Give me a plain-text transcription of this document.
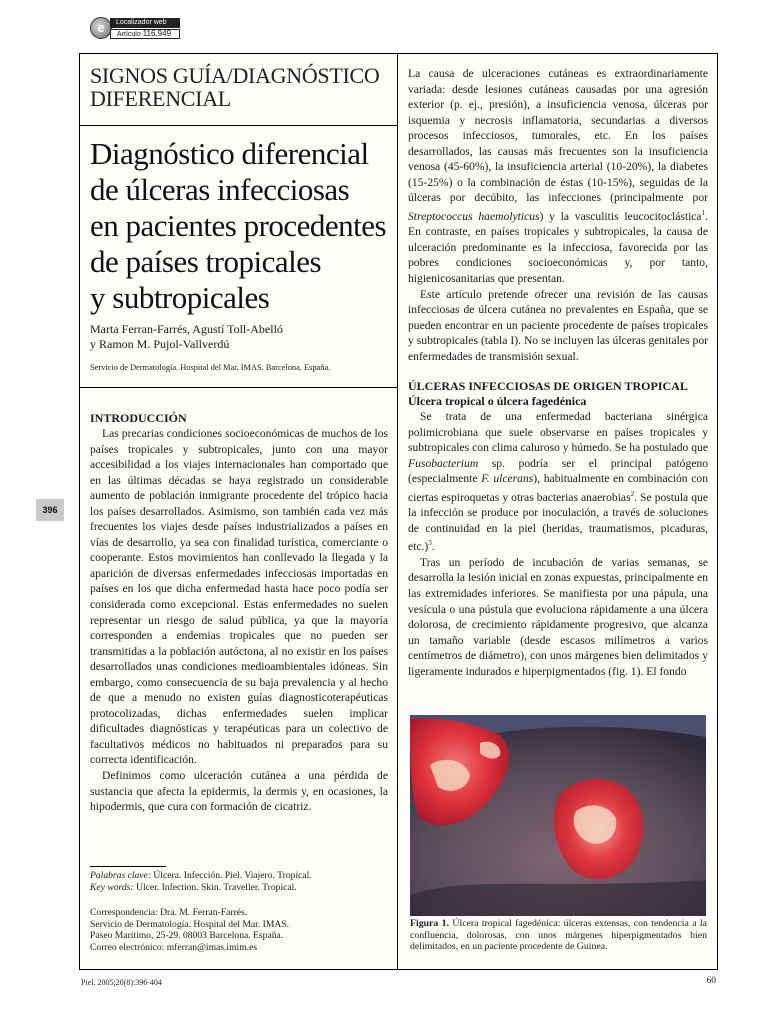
e	Localizador web
Artículo 116.949
396
SIGNOS GUÍA/DIAGNÓSTICO DIFERENCIAL
Diagnóstico diferencial
de úlceras infecciosas
en pacientes procedentes
de países tropicales
y subtropicales
Marta Ferran-Farrés, Agustí Toll-Abelló
y Ramon M. Pujol-Vallverdú
Servicio de Dermatología. Hospital del Mar. IMAS. Barcelona. España.
INTRODUCCIÓN

Las precarias condiciones socioeconómicas de muchos de los países tropicales y subtropicales, junto con una mayor accesibilidad a los viajes internacionales han comportado que en las últimas décadas se haya registrado un considerable aumento de población inmigrante procedente del trópico hacia los países desarrollados. Asimismo, son también cada vez más frecuentes los viajes desde países industrializados a países en vías de desarrollo, ya sea con finalidad turística, comerciante o cooperante. Estos movimientos han conllevado la llegada y la aparición de diversas enfermedades infecciosas importadas en países en los que dicha enfermedad hasta hace poco podía ser considerada como excepcional. Estas enfermedades no suelen representar un riesgo de salud pública, ya que la mayoría corresponden a endemias tropicales que no pueden ser transmitidas a la población autóctona, al no existir en los países desarrollados unas condiciones medioambientales idóneas. Sin embargo, como consecuencia de su baja prevalencia y al hecho de que a menudo no existen guías diagnosticoterapéuticas protocolizadas, dichas enfermedades suelen implicar dificultades diagnósticas y terapéuticas para un colectivo de facultativos médicos no habituados ni preparados para su correcta identificación.

Definimos como ulceración cutánea a una pérdida de sustancia que afecta la epidermis, la dermis y, en ocasiones, la hipodermis, que cura con formación de cicatriz.

Palabras clave: Úlcera. Infección. Piel. Viajero. Tropical.
Key words: Ulcer. Infection. Skin. Traveller. Tropical.
Correspondencia: Dra. M. Ferran-Farrés.
Servicio de Dermatología. Hospital del Mar. IMAS.
Paseo Marítimo, 25-29. 08003 Barcelona. España.
Correo electrónico: mferran@imas.imim.es

La causa de ulceraciones cutáneas es extraordinariamente variada: desde lesiones cutáneas causadas por una agresión exterior (p. ej., presión), a insuficiencia venosa, úlceras por isquemia y necrosis inflamatoria, secundarias a diversos procesos infecciosos, tumorales, etc. En los países desarrollados, las causas más frecuentes son la insuficiencia venosa (45-60%), la insuficiencia arterial (10-20%), la diabetes (15-25%) o la combinación de éstas (10-15%), seguidas de la úlceras por decúbito, las infecciones (principalmente por Streptococcus haemolyticus) y la vasculitis leucocitoclástica$^1$. En contraste, en países tropicales y subtropicales, la causa de ulceración predominante es la infecciosa, favorecida por las pobres condiciones socioeconómicas y, por tanto, higienicosanitarias que presentan.

Este artículo pretende ofrecer una revisión de las causas infecciosas de úlcera cutánea no prevalentes en España, que se pueden encontrar en un paciente procedente de países tropicales y subtropicales (tabla I). No se incluyen las úlceras genitales por enfermedades de transmisión sexual.

ÚLCERAS INFECCIOSAS DE ORIGEN TROPICAL
Úlcera tropical o úlcera fagedénica

Se trata de una enfermedad bacteriana sinérgica polimicrobiana que suele observarse en países tropicales y subtropicales con clima caluroso y húmedo. Se ha postulado que Fusobacterium sp. podría ser el principal patógeno (especialmente F. ulcerans), habitualmente en combinación con ciertas espiroquetas y otras bacterias anaerobias$^2$. Se postula que la infección se produce por inoculación, a través de soluciones de continuidad en la piel (heridas, traumatismos, picaduras, etc.)$^3$.

Tras un período de incubación de varias semanas, se desarrolla la lesión inicial en zonas expuestas, principalmente en las extremidades inferiores. Se manifiesta por una pápula, una vesícula o una pústula que evoluciona rápidamente a una úlcera dolorosa, de crecimiento rápidamente progresivo, que alcanza un tamaño variable (desde escasos milímetros a varios centímetros de diámetro), con unos márgenes bien delimitados y ligeramente indurados e hiperpigmentados (fig. 1). El fondo

Figura 1. Úlcera tropical fagedénica: úlceras extensas, con tendencia a la confluencia, dolorosas, con unos márgenes hiperpigmentados bien delimitados, en un paciente procedente de Guinea.
Piel. 2005;20(8):396-404	60
